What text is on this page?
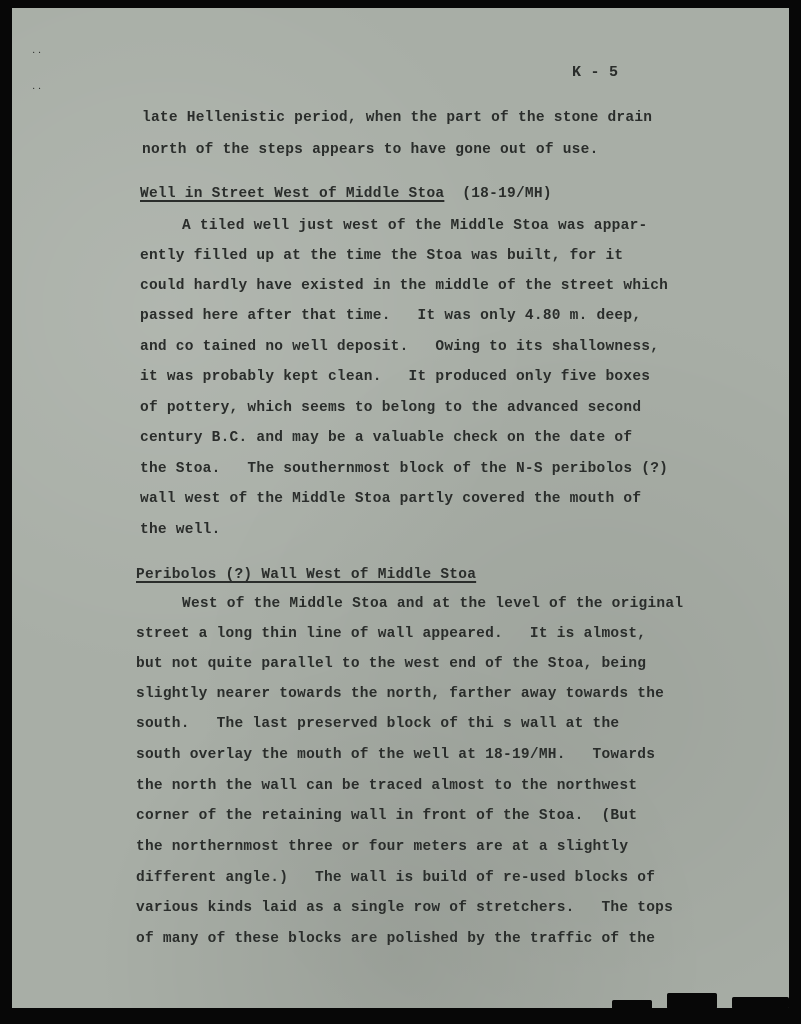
· ·
· ·
K - 5
late Hellenistic period, when the part of the stone drain
north of the steps appears to have gone out of use.
Well in Street West of Middle Stoa (18-19/MH)
A tiled well just west of the Middle Stoa was appar-
ently filled up at the time the Stoa was built, for it
could hardly have existed in the middle of the street which
passed here after that time.   It was only 4.80 m. deep,
and co tained no well deposit.   Owing to its shallowness,
it was probably kept clean.   It produced only five boxes
of pottery, which seems to belong to the advanced second
century B.C. and may be a valuable check on the date of
the Stoa.   The southernmost block of the N-S peribolos (?)
wall west of the Middle Stoa partly covered the mouth of
the well.
Peribolos (?) Wall West of Middle Stoa
West of the Middle Stoa and at the level of the original
street a long thin line of wall appeared.   It is almost,
but not quite parallel to the west end of the Stoa, being
slightly nearer towards the north, farther away towards the
south.   The last preserved block of thi s wall at the
south overlay the mouth of the well at 18-19/MH.   Towards
the north the wall can be traced almost to the northwest
corner of the retaining wall in front of the Stoa.  (But
the northernmost three or four meters are at a slightly
different angle.)   The wall is build of re-used blocks of
various kinds laid as a single row of stretchers.   The tops
of many of these blocks are polished by the traffic of the
